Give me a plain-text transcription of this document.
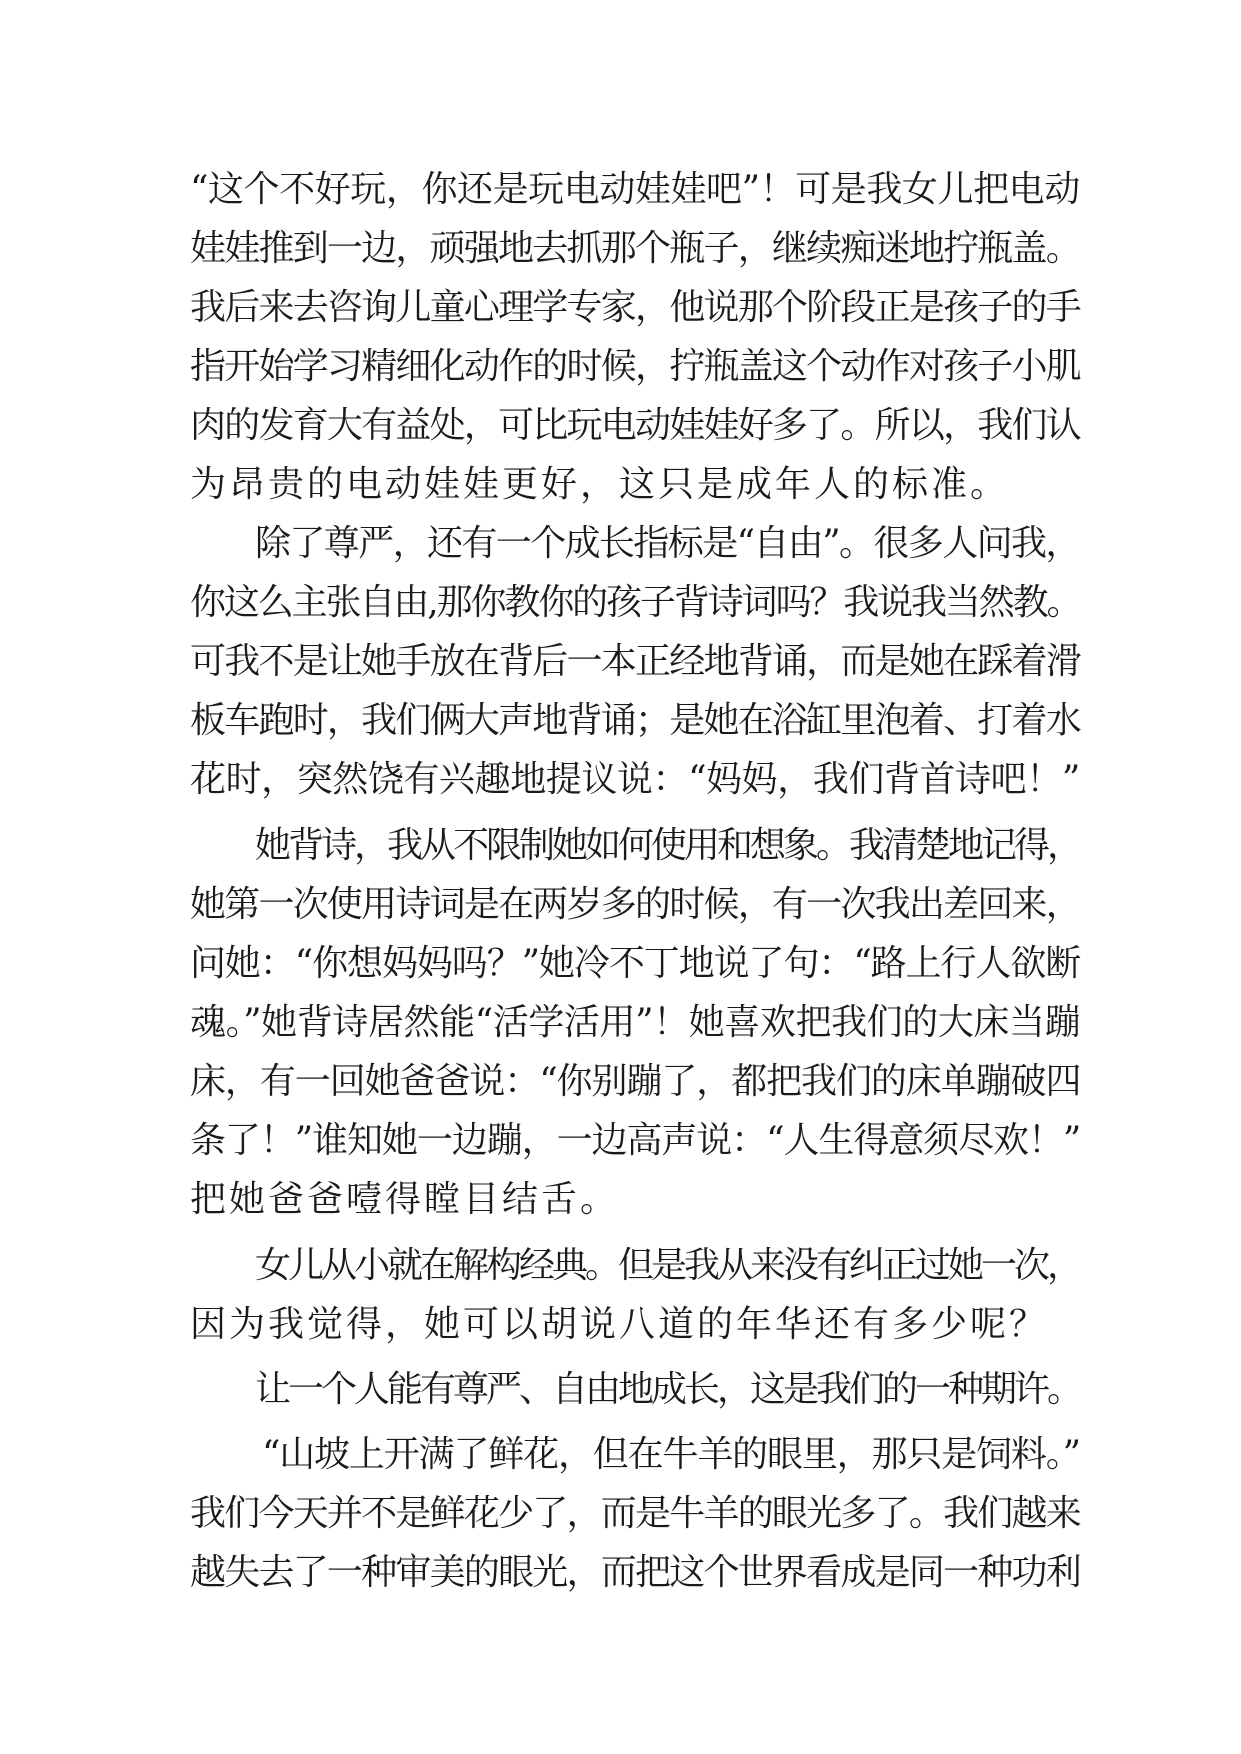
“这个不好玩，你还是玩电动娃娃吧”！可是我女儿把电动
娃娃推到一边，顽强地去抓那个瓶子，继续痴迷地拧瓶盖。
我后来去咨询儿童心理学专家，他说那个阶段正是孩子的手
指开始学习精细化动作的时候，拧瓶盖这个动作对孩子小肌
肉的发育大有益处，可比玩电动娃娃好多了。所以，我们认
为昂贵的电动娃娃更好，这只是成年人的标准。
除了尊严，还有一个成长指标是“自由”。很多人问我，
你这么主张自由,那你教你的孩子背诗词吗？我说我当然教。
可我不是让她手放在背后一本正经地背诵，而是她在踩着滑
板车跑时，我们俩大声地背诵；是她在浴缸里泡着、打着水
花时，突然饶有兴趣地提议说：“妈妈，我们背首诗吧！”
她背诗，我从不限制她如何使用和想象。我清楚地记得，
她第一次使用诗词是在两岁多的时候，有一次我出差回来，
问她：“你想妈妈吗？”她冷不丁地说了句：“路上行人欲断
魂。”她背诗居然能“活学活用”！她喜欢把我们的大床当蹦
床，有一回她爸爸说：“你别蹦了，都把我们的床单蹦破四
条了！”谁知她一边蹦，一边高声说：“人生得意须尽欢！”
把她爸爸噎得瞠目结舌。
女儿从小就在解构经典。但是我从来没有纠正过她一次，
因为我觉得，她可以胡说八道的年华还有多少呢？
让一个人能有尊严、自由地成长，这是我们的一种期许。
“山坡上开满了鲜花，但在牛羊的眼里，那只是饲料。”
我们今天并不是鲜花少了，而是牛羊的眼光多了。我们越来
越失去了一种审美的眼光，而把这个世界看成是同一种功利
